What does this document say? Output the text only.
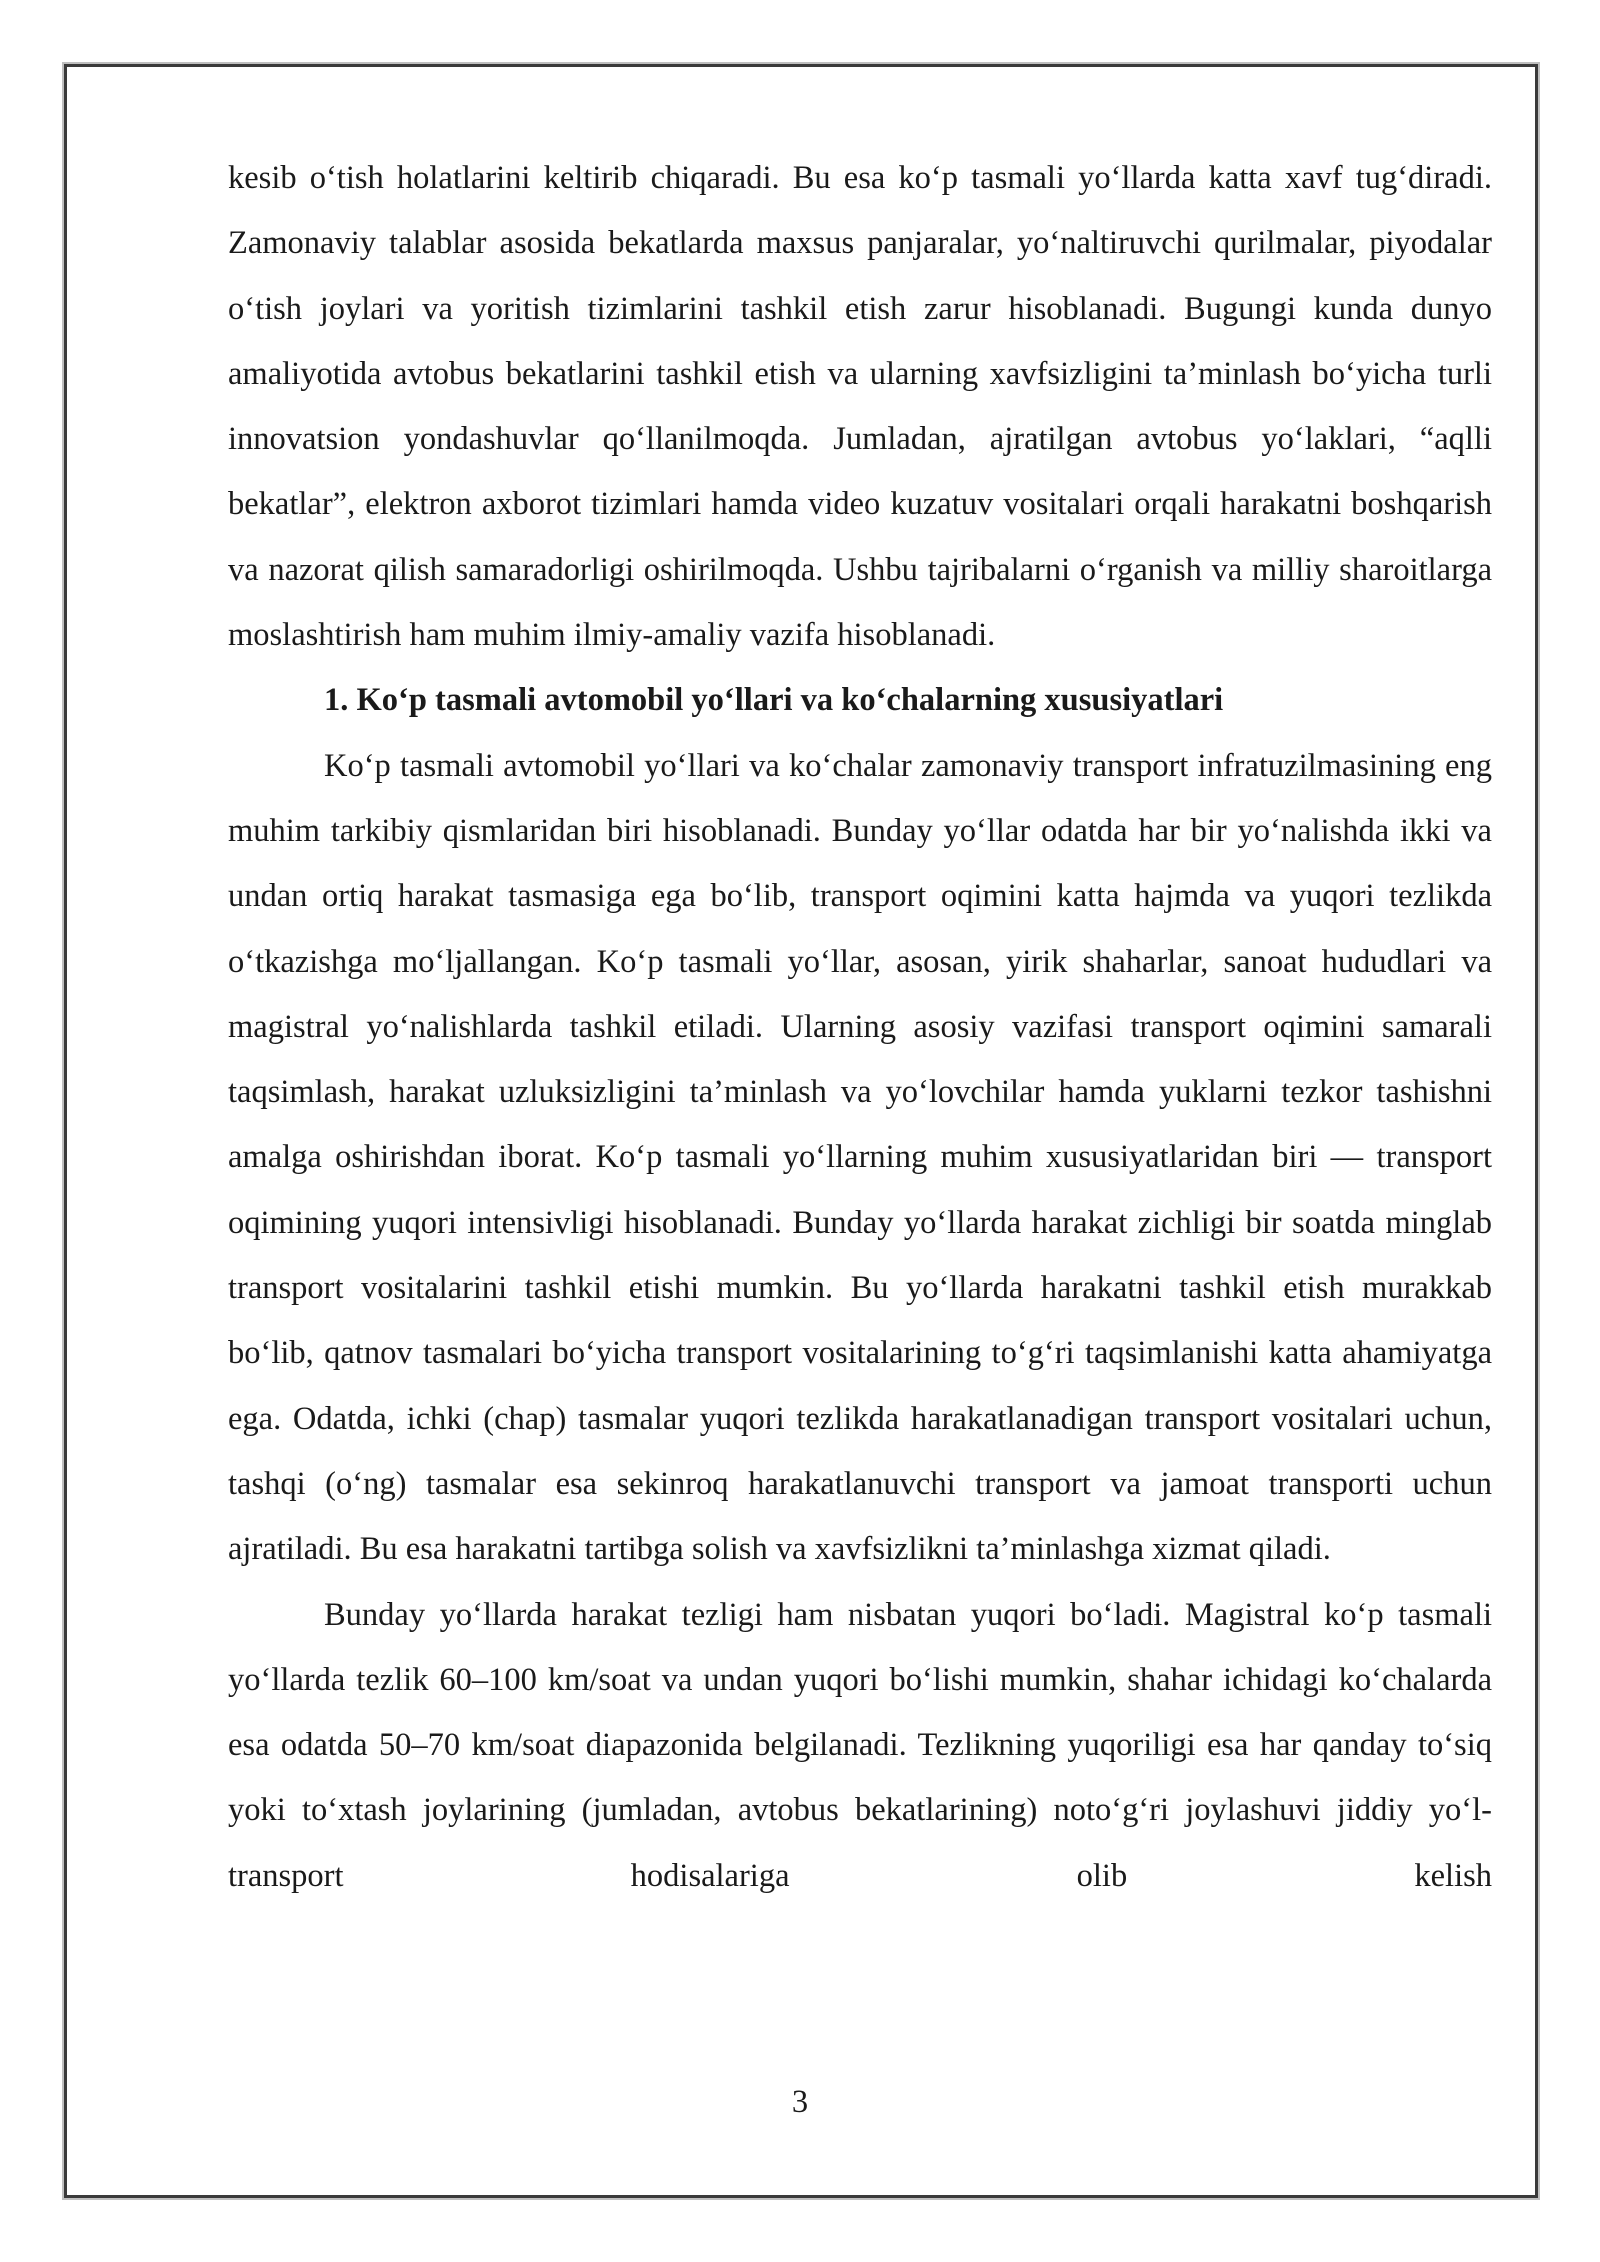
kesib o‘tish holatlarini keltirib chiqaradi. Bu esa ko‘p tasmali yo‘llarda katta xavf tug‘diradi. Zamonaviy talablar asosida bekatlarda maxsus panjaralar, yo‘naltiruvchi qurilmalar, piyodalar o‘tish joylari va yoritish tizimlarini tashkil etish zarur hisoblanadi. Bugungi kunda dunyo amaliyotida avtobus bekatlarini tashkil etish va ularning xavfsizligini ta’minlash bo‘yicha turli innovatsion yondashuvlar qo‘llanilmoqda. Jumladan, ajratilgan avtobus yo‘laklari, “aqlli bekatlar”, elektron axborot tizimlari hamda video kuzatuv vositalari orqali harakatni boshqarish va nazorat qilish samaradorligi oshirilmoqda. Ushbu tajribalarni o‘rganish va milliy sharoitlarga moslashtirish ham muhim ilmiy-amaliy vazifa hisoblanadi.

1. Ko‘p tasmali avtomobil yo‘llari va ko‘chalarning xususiyatlari

Ko‘p tasmali avtomobil yo‘llari va ko‘chalar zamonaviy transport infratuzilmasining eng muhim tarkibiy qismlaridan biri hisoblanadi. Bunday yo‘llar odatda har bir yo‘nalishda ikki va undan ortiq harakat tasmasiga ega bo‘lib, transport oqimini katta hajmda va yuqori tezlikda o‘tkazishga mo‘ljallangan. Ko‘p tasmali yo‘llar, asosan, yirik shaharlar, sanoat hududlari va magistral yo‘nalishlarda tashkil etiladi. Ularning asosiy vazifasi transport oqimini samarali taqsimlash, harakat uzluksizligini ta’minlash va yo‘lovchilar hamda yuklarni tezkor tashishni amalga oshirishdan iborat. Ko‘p tasmali yo‘llarning muhim xususiyatlaridan biri — transport oqimining yuqori intensivligi hisoblanadi. Bunday yo‘llarda harakat zichligi bir soatda minglab transport vositalarini tashkil etishi mumkin. Bu yo‘llarda harakatni tashkil etish murakkab bo‘lib, qatnov tasmalari bo‘yicha transport vositalarining to‘g‘ri taqsimlanishi katta ahamiyatga ega. Odatda, ichki (chap) tasmalar yuqori tezlikda harakatlanadigan transport vositalari uchun, tashqi (o‘ng) tasmalar esa sekinroq harakatlanuvchi transport va jamoat transporti uchun ajratiladi. Bu esa harakatni tartibga solish va xavfsizlikni ta’minlashga xizmat qiladi.

Bunday yo‘llarda harakat tezligi ham nisbatan yuqori bo‘ladi. Magistral ko‘p tasmali yo‘llarda tezlik 60–100 km/soat va undan yuqori bo‘lishi mumkin, shahar ichidagi ko‘chalarda esa odatda 50–70 km/soat diapazonida belgilanadi. Tezlikning yuqoriligi esa har qanday to‘siq yoki to‘xtash joylarining (jumladan, avtobus bekatlarining) noto‘g‘ri joylashuvi jiddiy yo‘l-transport hodisalariga olib kelish

3
